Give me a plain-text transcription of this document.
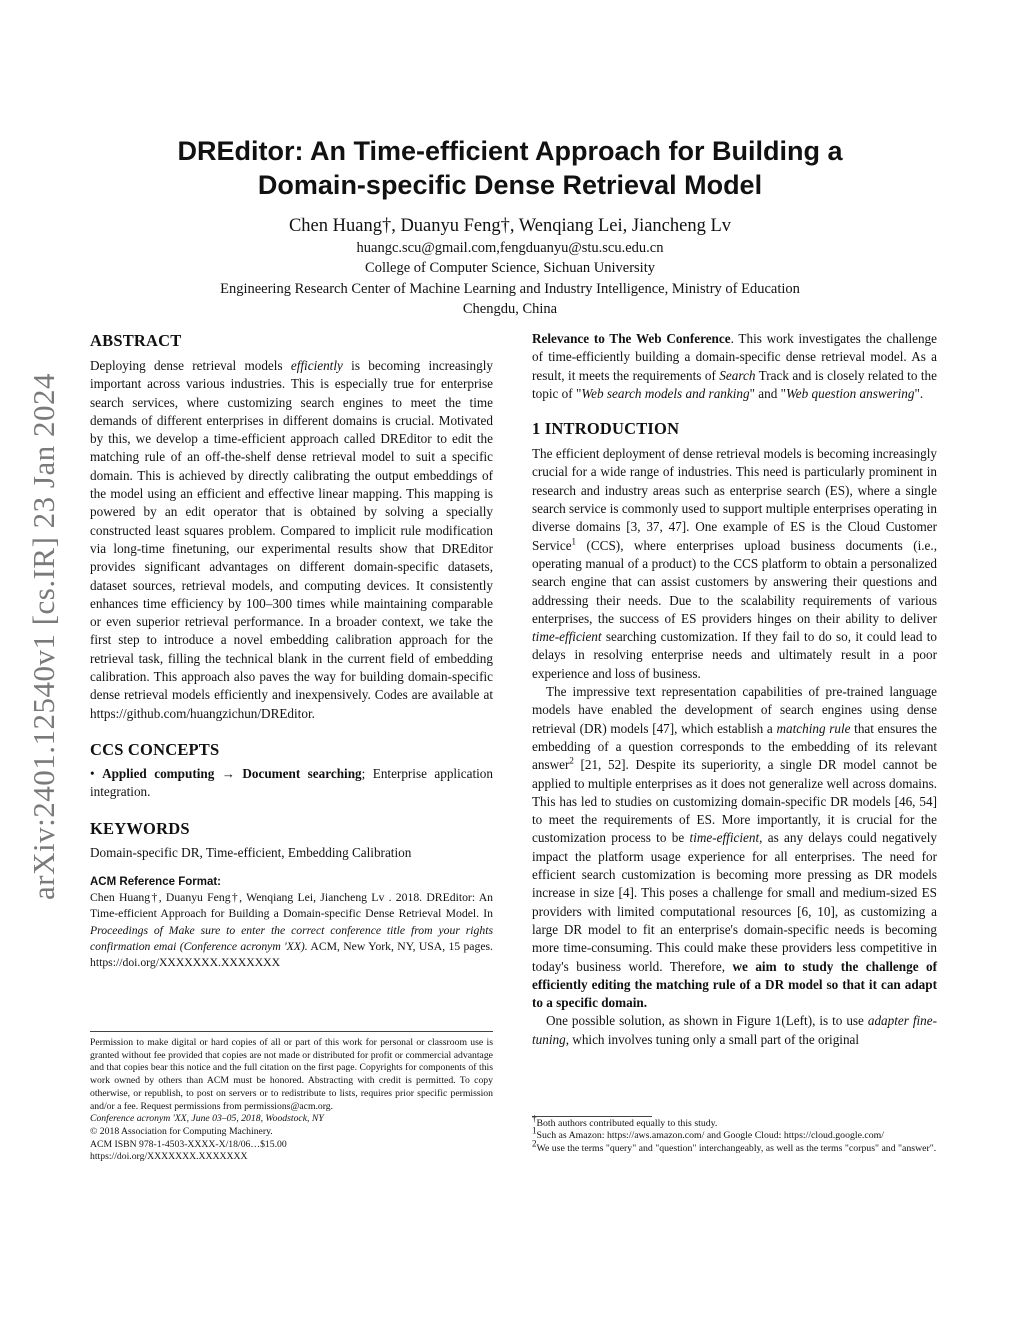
arXiv:2401.12540v1 [cs.IR] 23 Jan 2024
DREditor: An Time-efficient Approach for Building a
Domain-specific Dense Retrieval Model
Chen Huang†, Duanyu Feng†, Wenqiang Lei, Jiancheng Lv
huangc.scu@gmail.com,fengduanyu@stu.scu.edu.cn
College of Computer Science, Sichuan University
Engineering Research Center of Machine Learning and Industry Intelligence, Ministry of Education
Chengdu, China
ABSTRACT

Deploying dense retrieval models efficiently is becoming increasingly important across various industries. This is especially true for enterprise search services, where customizing search engines to meet the time demands of different enterprises in different domains is crucial. Motivated by this, we develop a time-efficient approach called DREditor to edit the matching rule of an off-the-shelf dense retrieval model to suit a specific domain. This is achieved by directly calibrating the output embeddings of the model using an efficient and effective linear mapping. This mapping is powered by an edit operator that is obtained by solving a specially constructed least squares problem. Compared to implicit rule modification via long-time finetuning, our experimental results show that DREditor provides significant advantages on different domain-specific datasets, dataset sources, retrieval models, and computing devices. It consistently enhances time efficiency by 100–300 times while maintaining comparable or even superior retrieval performance. In a broader context, we take the first step to introduce a novel embedding calibration approach for the retrieval task, filling the technical blank in the current field of embedding calibration. This approach also paves the way for building domain-specific dense retrieval models efficiently and inexpensively. Codes are available at https://github.com/huangzichun/DREditor.

CCS CONCEPTS

• Applied computing → Document searching; Enterprise application integration.

KEYWORDS

Domain-specific DR, Time-efficient, Embedding Calibration

ACM Reference Format:

Chen Huang†, Duanyu Feng†, Wenqiang Lei, Jiancheng Lv . 2018. DREditor: An Time-efficient Approach for Building a Domain-specific Dense Retrieval Model. In Proceedings of Make sure to enter the correct conference title from your rights confirmation emai (Conference acronym 'XX). ACM, New York, NY, USA, 15 pages. https://doi.org/XXXXXXX.XXXXXXX

Permission to make digital or hard copies of all or part of this work for personal or classroom use is granted without fee provided that copies are not made or distributed for profit or commercial advantage and that copies bear this notice and the full citation on the first page. Copyrights for components of this work owned by others than ACM must be honored. Abstracting with credit is permitted. To copy otherwise, or republish, to post on servers or to redistribute to lists, requires prior specific permission and/or a fee. Request permissions from permissions@acm.org.
Conference acronym 'XX, June 03–05, 2018, Woodstock, NY
© 2018 Association for Computing Machinery.
ACM ISBN 978-1-4503-XXXX-X/18/06…$15.00
https://doi.org/XXXXXXX.XXXXXXX

Relevance to The Web Conference. This work investigates the challenge of time-efficiently building a domain-specific dense retrieval model. As a result, it meets the requirements of Search Track and is closely related to the topic of "Web search models and ranking" and "Web question answering".

1 INTRODUCTION

The efficient deployment of dense retrieval models is becoming increasingly crucial for a wide range of industries. This need is particularly prominent in research and industry areas such as enterprise search (ES), where a single search service is commonly used to support multiple enterprises operating in diverse domains [3, 37, 47]. One example of ES is the Cloud Customer Service$^1$ (CCS), where enterprises upload business documents (i.e., operating manual of a product) to the CCS platform to obtain a personalized search engine that can assist customers by answering their questions and addressing their needs. Due to the scalability requirements of various enterprises, the success of ES providers hinges on their ability to deliver time-efficient searching customization. If they fail to do so, it could lead to delays in resolving enterprise needs and ultimately result in a poor experience and loss of business.

The impressive text representation capabilities of pre-trained language models have enabled the development of search engines using dense retrieval (DR) models [47], which establish a matching rule that ensures the embedding of a question corresponds to the embedding of its relevant answer$^2$ [21, 52]. Despite its superiority, a single DR model cannot be applied to multiple enterprises as it does not generalize well across domains. This has led to studies on customizing domain-specific DR models [46, 54] to meet the requirements of ES. More importantly, it is crucial for the customization process to be time-efficient, as any delays could negatively impact the platform usage experience for all enterprises. The need for efficient search customization is becoming more pressing as DR models increase in size [4]. This poses a challenge for small and medium-sized ES providers with limited computational resources [6, 10], as customizing a large DR model to fit an enterprise's domain-specific needs is becoming more time-consuming. This could make these providers less competitive in today's business world. Therefore, we aim to study the challenge of efficiently editing the matching rule of a DR model so that it can adapt to a specific domain.

One possible solution, as shown in Figure 1(Left), is to use adapter fine-tuning, which involves tuning only a small part of the original

†Both authors contributed equally to this study.
$^1$Such as Amazon: https://aws.amazon.com/ and Google Cloud: https://cloud.google.com/
$^2$We use the terms "query" and "question" interchangeably, as well as the terms "corpus" and "answer".
